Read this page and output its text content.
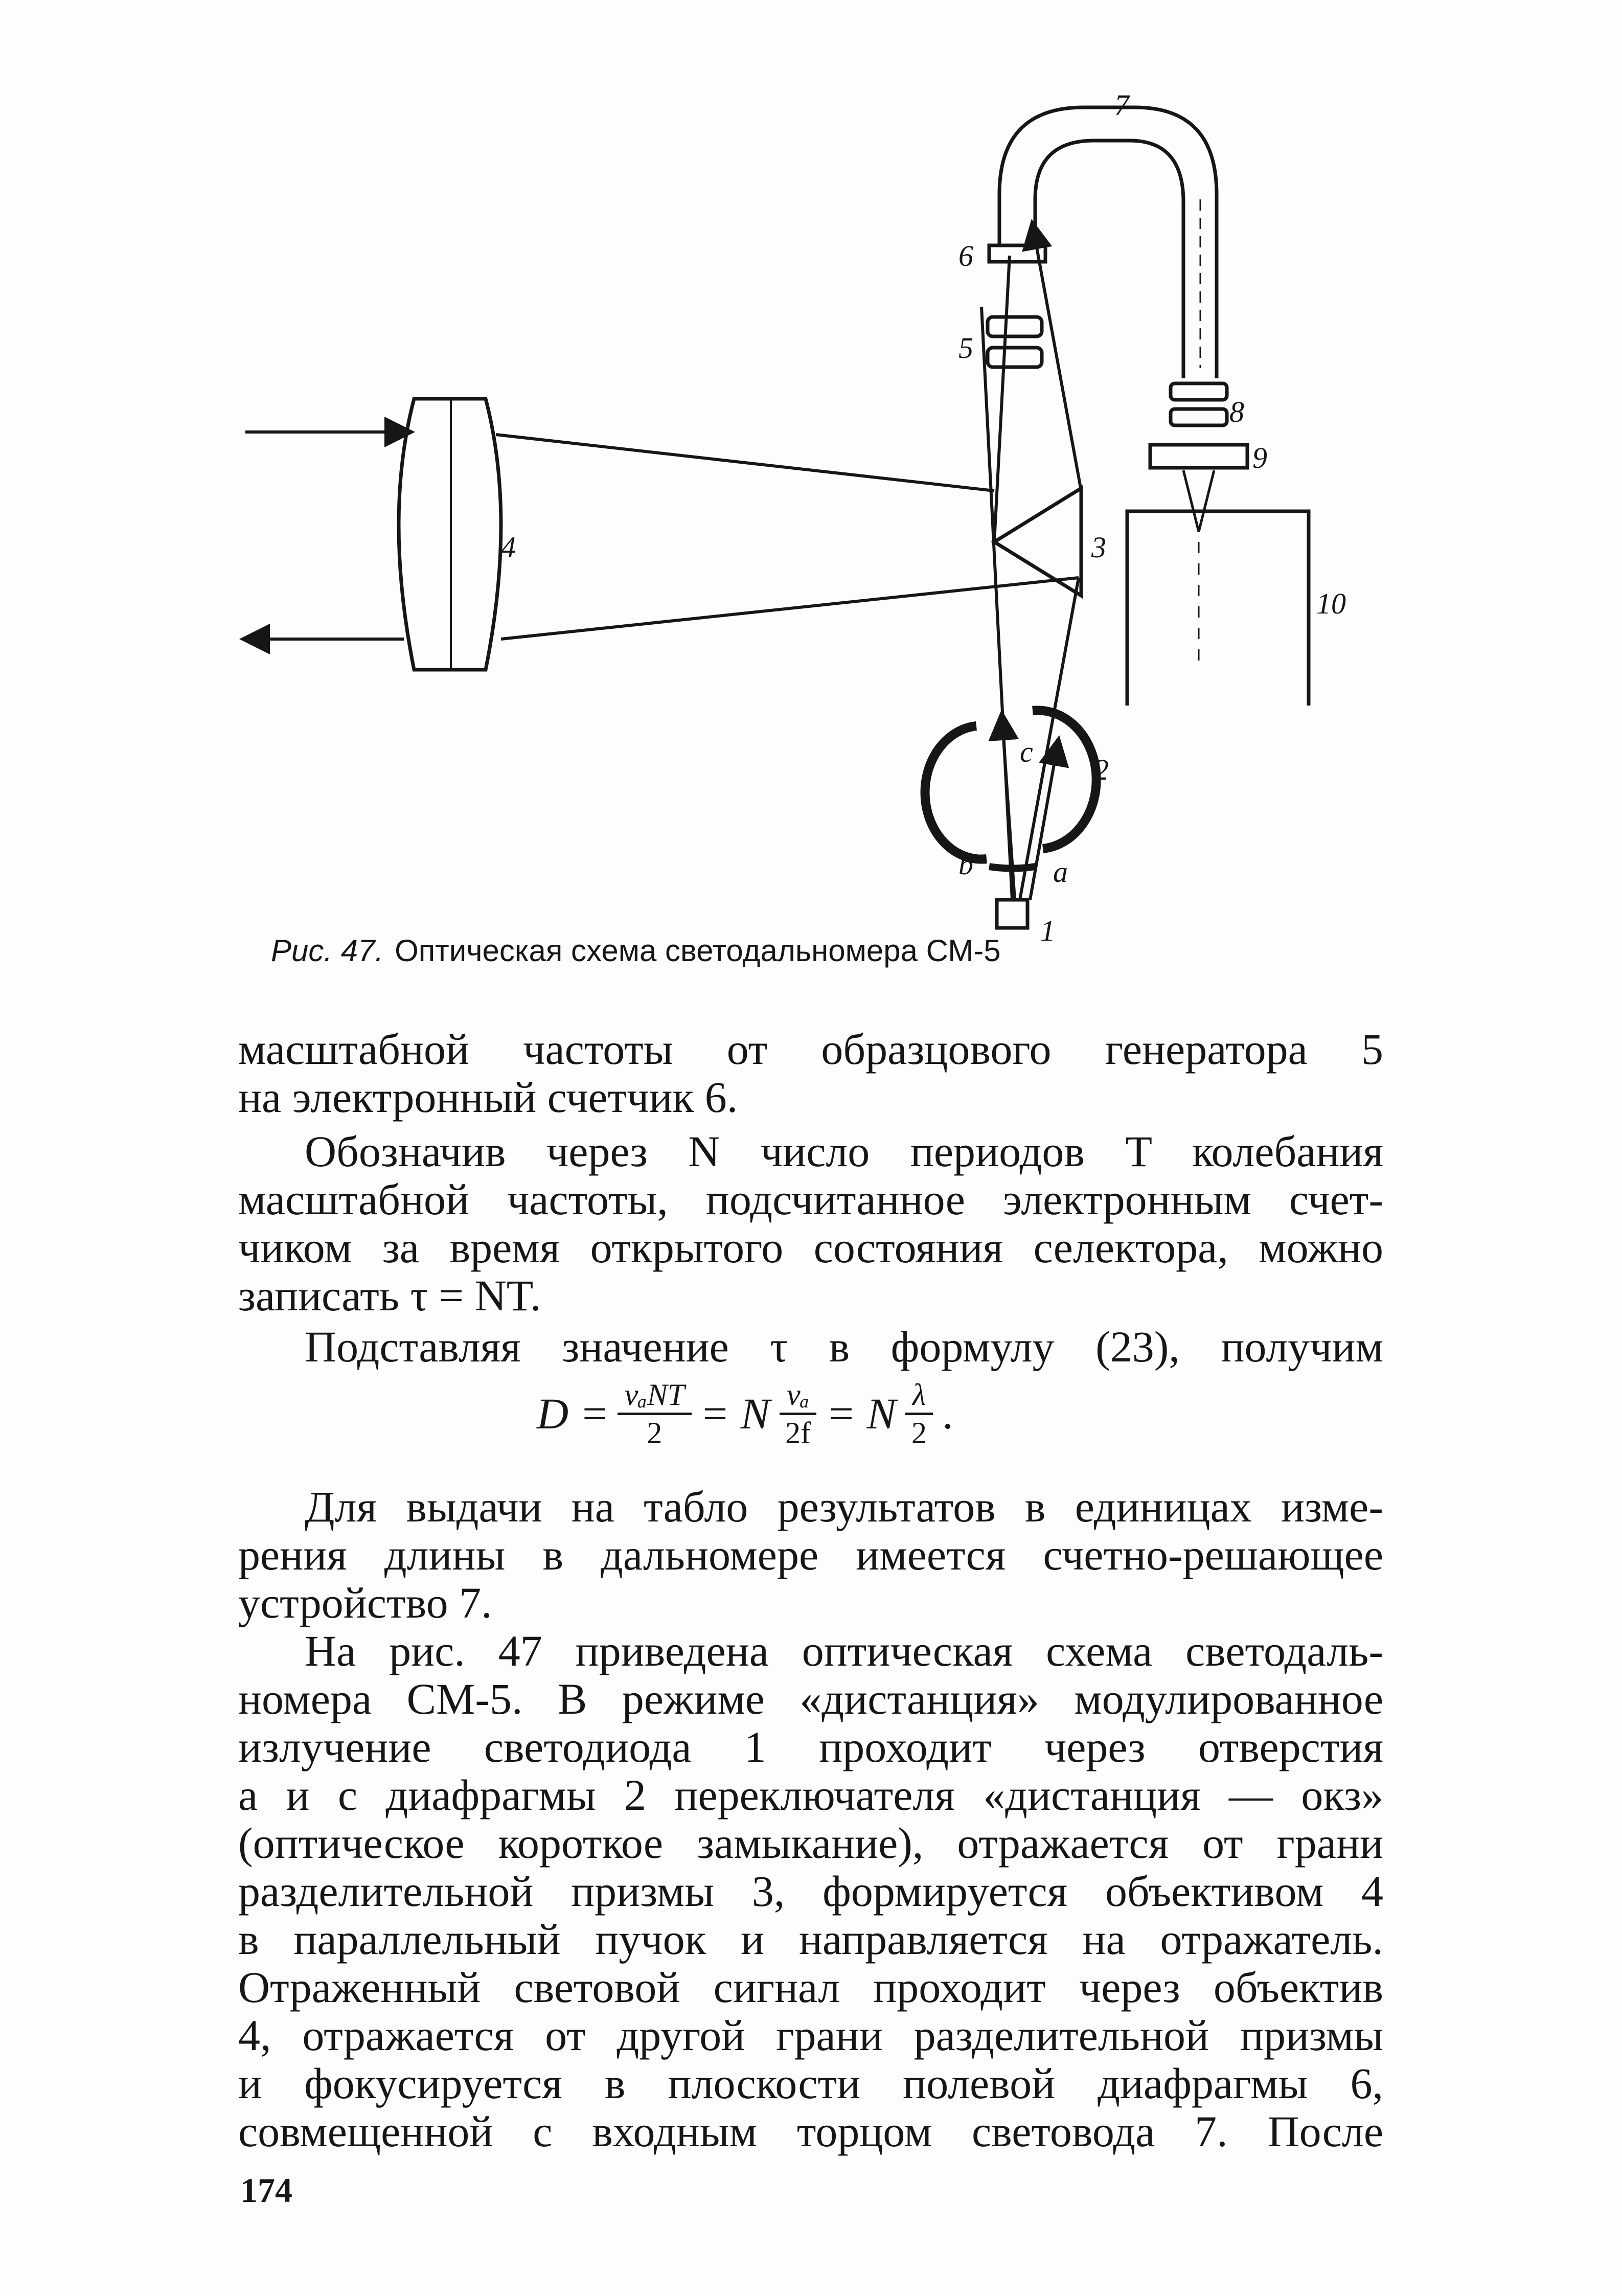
1
2
3
4
5
6
7
8
9
10
a
b
c
Рис. 47. Оптическая схема светодальномера СМ-5
масштабной частоты от образцового генератора 5
на электронный счетчик 6.
Обозначив через N число периодов T колебания
масштабной частоты, подсчитанное электронным счет-
чиком за время открытого состояния селектора, можно
записать τ = NT.
Подставляя значение τ в формулу (23), получим
$D = \frac{\text{vₐNT}}{2} = N \frac{\text{vₐ}}{2f} = N \frac{\lambda}{2}$ .
Для выдачи на табло результатов в единицах изме-
рения длины в дальномере имеется счетно-решающее
устройство 7.
На рис. 47 приведена оптическая схема светодаль-
номера СМ-5. В режиме «дистанция» модулированное
излучение светодиода 1 проходит через отверстия
a и c диафрагмы 2 переключателя «дистанция — окз»
(оптическое короткое замыкание), отражается от грани
разделительной призмы 3, формируется объективом 4
в параллельный пучок и направляется на отражатель.
Отраженный световой сигнал проходит через объектив
4, отражается от другой грани разделительной призмы
и фокусируется в плоскости полевой диафрагмы 6,
совмещенной с входным торцом световода 7. После
174
